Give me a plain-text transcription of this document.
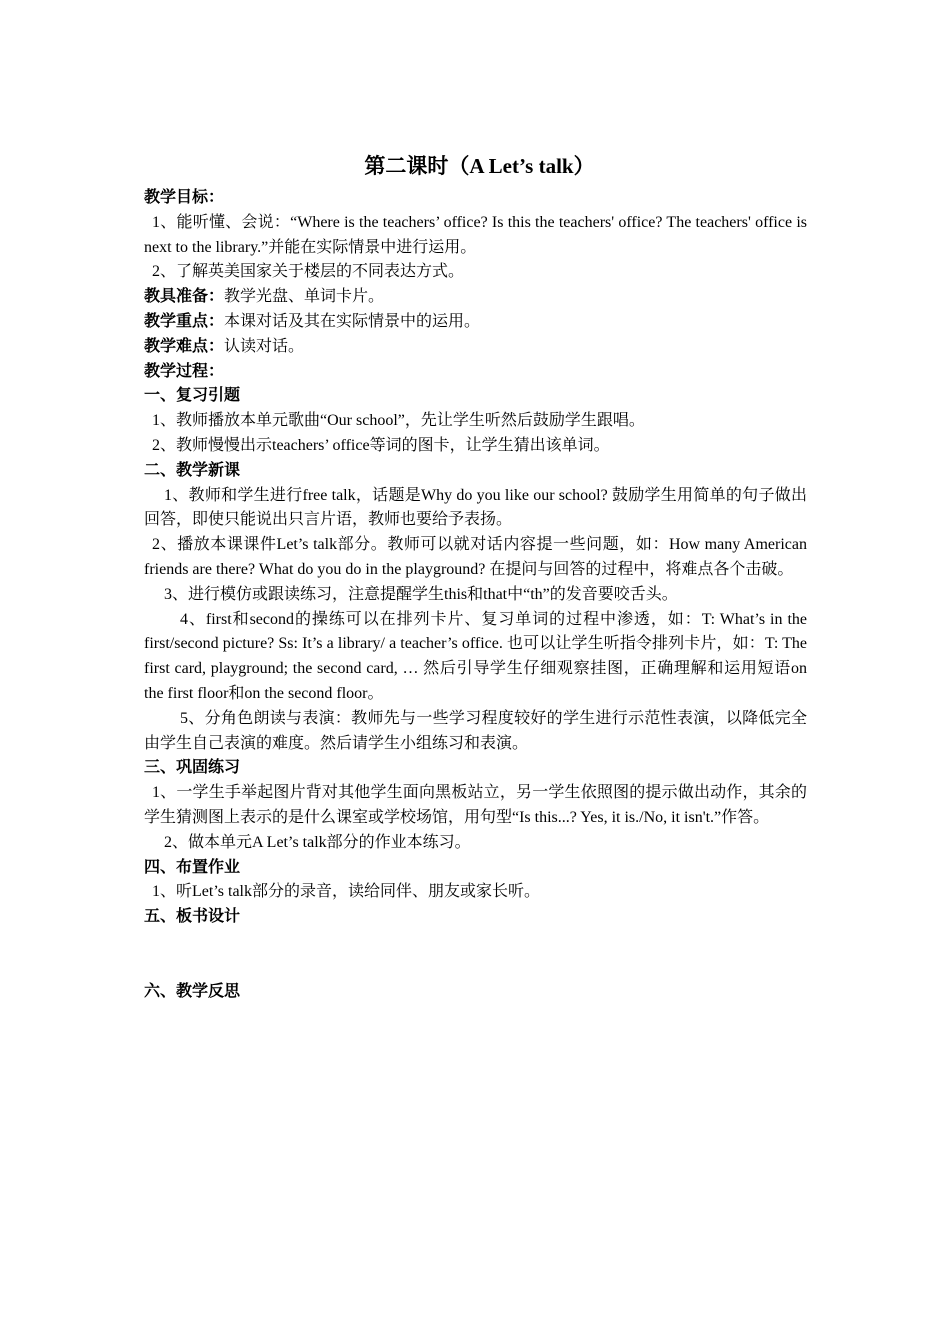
第二课时（A Let’s talk）

教学目标：

1、能听懂、会说：“Where is the teachers’ office? Is this the teachers' office? The teachers' office is next to the library.”并能在实际情景中进行运用。

2、了解英美国家关于楼层的不同表达方式。

教具准备：教学光盘、单词卡片。

教学重点：本课对话及其在实际情景中的运用。

教学难点：认读对话。

教学过程：

一、复习引题

1、教师播放本单元歌曲“Our school”，先让学生听然后鼓励学生跟唱。

2、教师慢慢出示teachers’ office等词的图卡，让学生猜出该单词。

二、教学新课

1、教师和学生进行free talk，话题是Why do you like our school? 鼓励学生用简单的句子做出回答，即使只能说出只言片语，教师也要给予表扬。

2、播放本课课件Let’s talk部分。教师可以就对话内容提一些问题，如：How many American friends are there? What do you do in the playground? 在提问与回答的过程中，将难点各个击破。

3、进行模仿或跟读练习，注意提醒学生this和that中“th”的发音要咬舌头。

4、first和second的操练可以在排列卡片、复习单词的过程中渗透，如：T: What’s in the first/second picture? Ss: It’s a library/ a teacher’s office. 也可以让学生听指令排列卡片，如：T: The first card, playground; the second card, … 然后引导学生仔细观察挂图，正确理解和运用短语on the first floor和on the second floor。

5、分角色朗读与表演：教师先与一些学习程度较好的学生进行示范性表演，以降低完全由学生自己表演的难度。然后请学生小组练习和表演。

三、巩固练习

1、一学生手举起图片背对其他学生面向黑板站立，另一学生依照图的提示做出动作，其余的学生猜测图上表示的是什么课室或学校场馆，用句型“Is this...? Yes, it is./No, it isn't.”作答。

2、做本单元A Let’s talk部分的作业本练习。

四、布置作业

1、听Let’s talk部分的录音，读给同伴、朋友或家长听。

五、板书设计

六、教学反思
